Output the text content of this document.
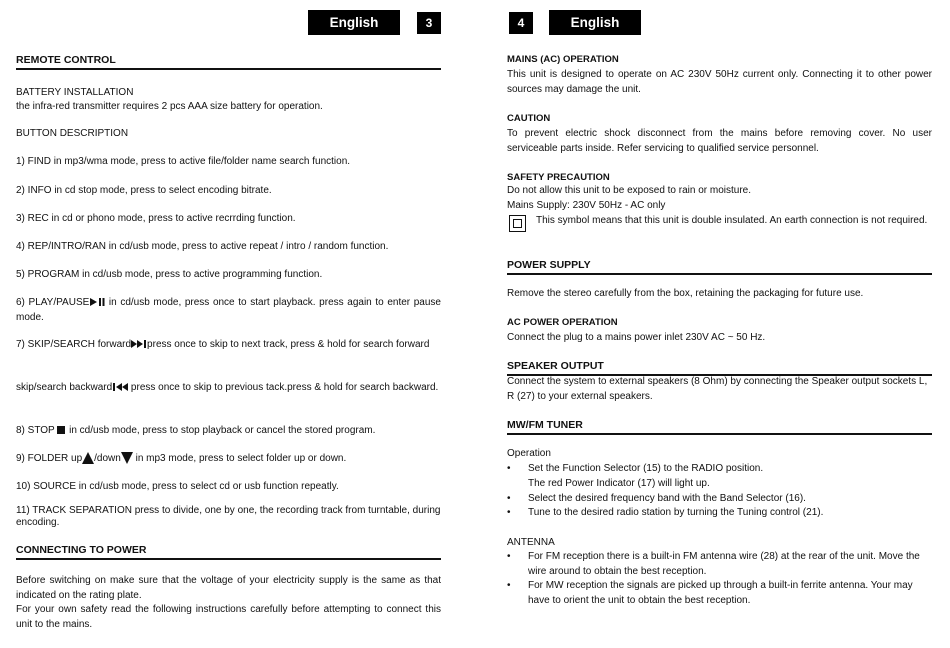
English	3
REMOTE CONTROL
BATTERY INSTALLATION
the infra-red transmitter requires 2 pcs AAA size battery for operation.
BUTTON DESCRIPTION
1) FIND in mp3/wma mode, press to active file/folder name search function.
2) INFO in cd stop mode, press to select encoding bitrate.
3) REC in cd or phono mode, press to active recrrding function.
4) REP/INTRO/RAN in cd/usb mode, press to active repeat / intro / random function.
5) PROGRAM in cd/usb mode, press to active programming function.
6) PLAY/PAUSE in cd/usb mode, press once to start playback. press again to enter pause mode.
7) SKIP/SEARCH forward press once to skip to next track, press & hold for search forward
skip/search backward press once to skip to previous tack.press & hold for search backward.
8) STOP  in cd/usb mode, press to stop playback or cancel the stored program.
9) FOLDER up /down in mp3 mode, press to select folder up or down.
10) SOURCE in cd/usb mode, press to select cd or usb function repeatly.
11) TRACK SEPARATION press to divide, one by one, the recording track from turntable, during encoding.
CONNECTING TO POWER
Before switching on make sure that the voltage of your electricity supply is the same as that indicated on the rating plate.
For your own safety read the following instructions carefully before attempting to connect this unit to the mains.
4	English
MAINS (AC) OPERATION
This unit is designed to operate on AC 230V 50Hz current only. Connecting it to other power sources may damage the unit.
CAUTION
To prevent electric shock disconnect from the mains before removing cover. No user serviceable parts inside. Refer servicing to qualified service personnel.
SAFETY PRECAUTION
Do not allow this unit to be exposed to rain or moisture.
Mains Supply: 230V 50Hz - AC only
This symbol means that this unit is double insulated. An earth connection is not required.
POWER SUPPLY
Remove the stereo carefully from the box, retaining the packaging for future use.
AC POWER OPERATION
Connect the plug to a mains power inlet 230V AC ~ 50 Hz.
SPEAKER OUTPUT
Connect the system to external speakers (8 Ohm) by connecting the Speaker output sockets L, R (27) to your external speakers.
MW/FM TUNER
Operation
• Set the Function Selector (15) to the RADIO position.
The red Power Indicator (17) will light up.
• Select the desired frequency band with the Band Selector (16).
• Tune to the desired radio station by turning the Tuning control (21).
ANTENNA
• For FM reception there is a built-in FM antenna wire (28) at the rear of the unit. Move the wire around to obtain the best reception.
• For MW reception the signals are picked up through a built-in ferrite antenna. Your may have to orient the unit to obtain the best reception.
